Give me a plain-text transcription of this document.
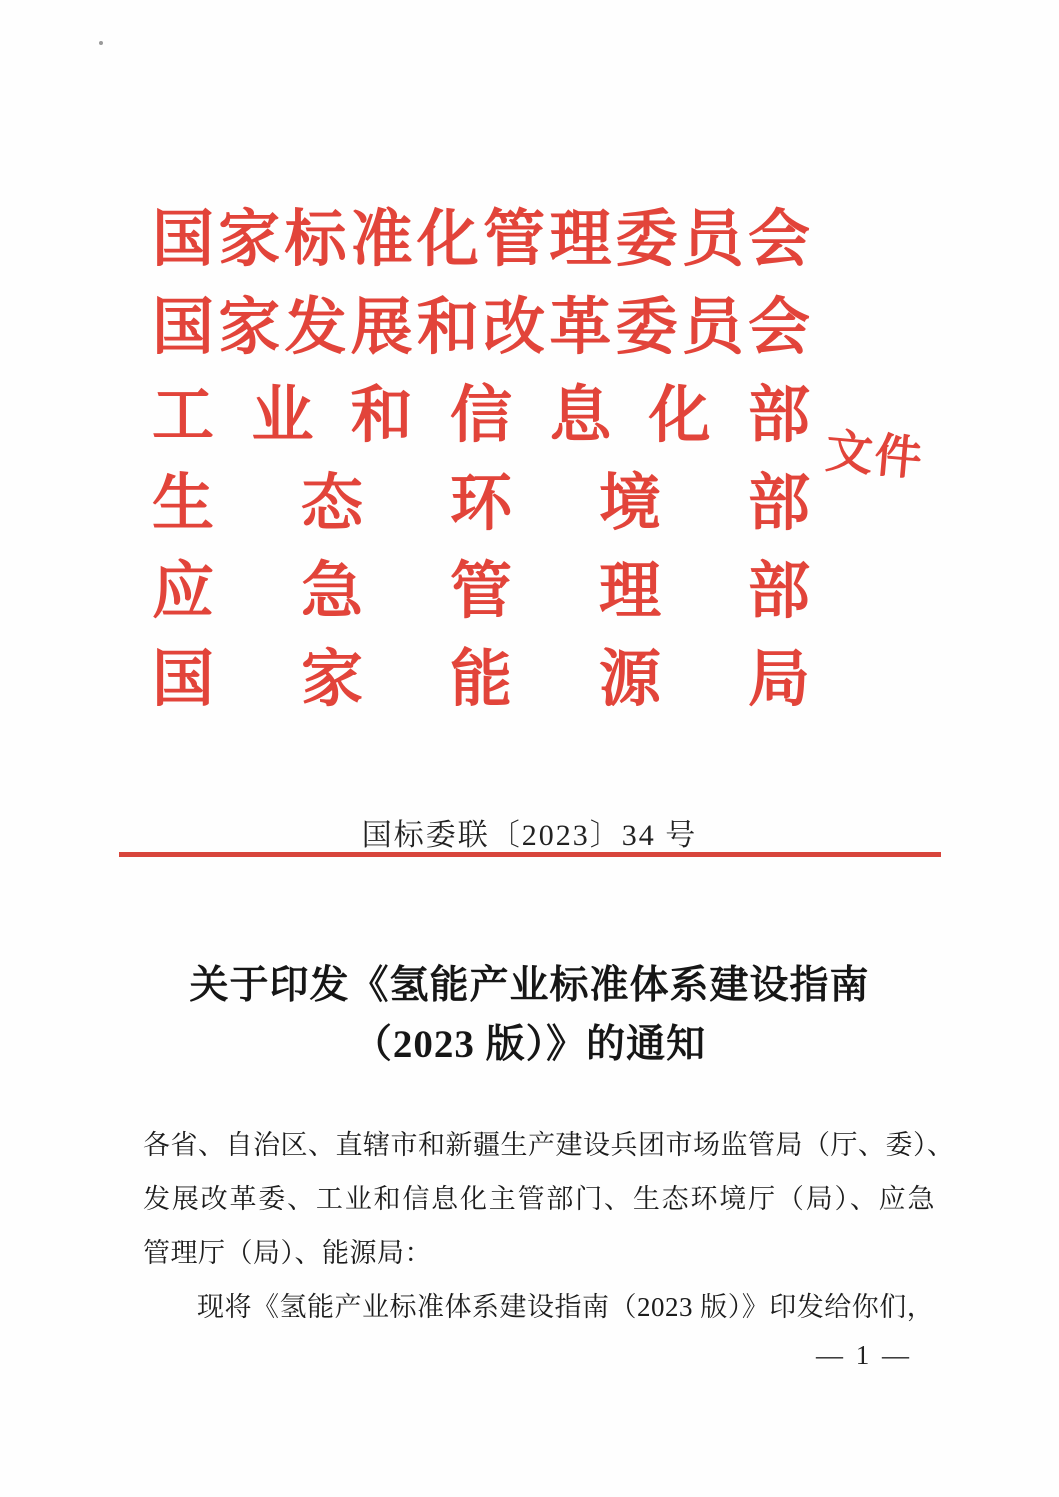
国家标准化管理委员会
国家发展和改革委员会
工业和信息化部
生态环境部
应急管理部
国家能源局
文件
国标委联〔2023〕34 号
关于印发《氢能产业标准体系建设指南
（2023 版）》的通知
各省、自治区、直辖市和新疆生产建设兵团市场监管局（厅、委）、
发展改革委、工业和信息化主管部门、生态环境厅（局）、应急
管理厅（局）、能源局：
现将《氢能产业标准体系建设指南（2023 版）》印发给你们，
— 1 —
